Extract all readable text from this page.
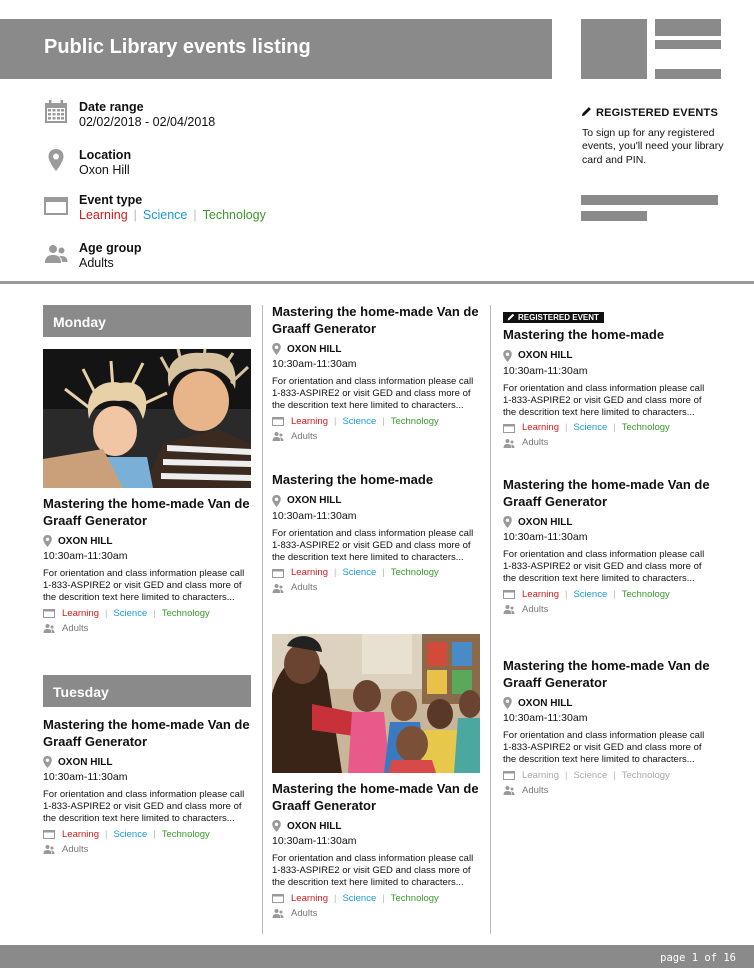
Public Library events listing
Date range
02/02/2018 - 02/04/2018
Location
Oxon Hill
Event type
Learning | Science | Technology
Age group
Adults
REGISTERED EVENTS
To sign up for any registered events, you'll need your library card and PIN.
Monday
Mastering the home-made Van de Graaff Generator
OXON HILL
10:30am-11:30am
For orientation and class information please call 1-833-ASPIRE2 or visit GED and class more of the descrition text here limited to characters...
Learning | Science | Technology
Adults
Tuesday
Mastering the home-made Van de Graaff Generator
OXON HILL
10:30am-11:30am
For orientation and class information please call 1-833-ASPIRE2 or visit GED and class more of the descrition text here limited to characters...
Learning | Science | Technology
Adults
Mastering the home-made Van de Graaff Generator
OXON HILL
10:30am-11:30am
For orientation and class information please call 1-833-ASPIRE2 or visit GED and class more of the descrition text here limited to characters...
Learning | Science | Technology
Adults
Mastering the home-made
OXON HILL
10:30am-11:30am
For orientation and class information please call 1-833-ASPIRE2 or visit GED and class more of the descrition text here limited to characters...
Learning | Science | Technology
Adults
Mastering the home-made Van de Graaff Generator
OXON HILL
10:30am-11:30am
For orientation and class information please call 1-833-ASPIRE2 or visit GED and class more of the descrition text here limited to characters...
Learning | Science | Technology
Adults
REGISTERED EVENT
Mastering the home-made
OXON HILL
10:30am-11:30am
For orientation and class information please call 1-833-ASPIRE2 or visit GED and class more of the descrition text here limited to characters...
Learning | Science | Technology
Adults
Mastering the home-made Van de Graaff Generator
OXON HILL
10:30am-11:30am
For orientation and class information please call 1-833-ASPIRE2 or visit GED and class more of the descrition text here limited to characters...
Learning | Science | Technology
Adults
Mastering the home-made Van de Graaff Generator
OXON HILL
10:30am-11:30am
For orientation and class information please call 1-833-ASPIRE2 or visit GED and class more of the descrition text here limited to characters...
Learning | Science | Technology
Adults
page 1 of 16
